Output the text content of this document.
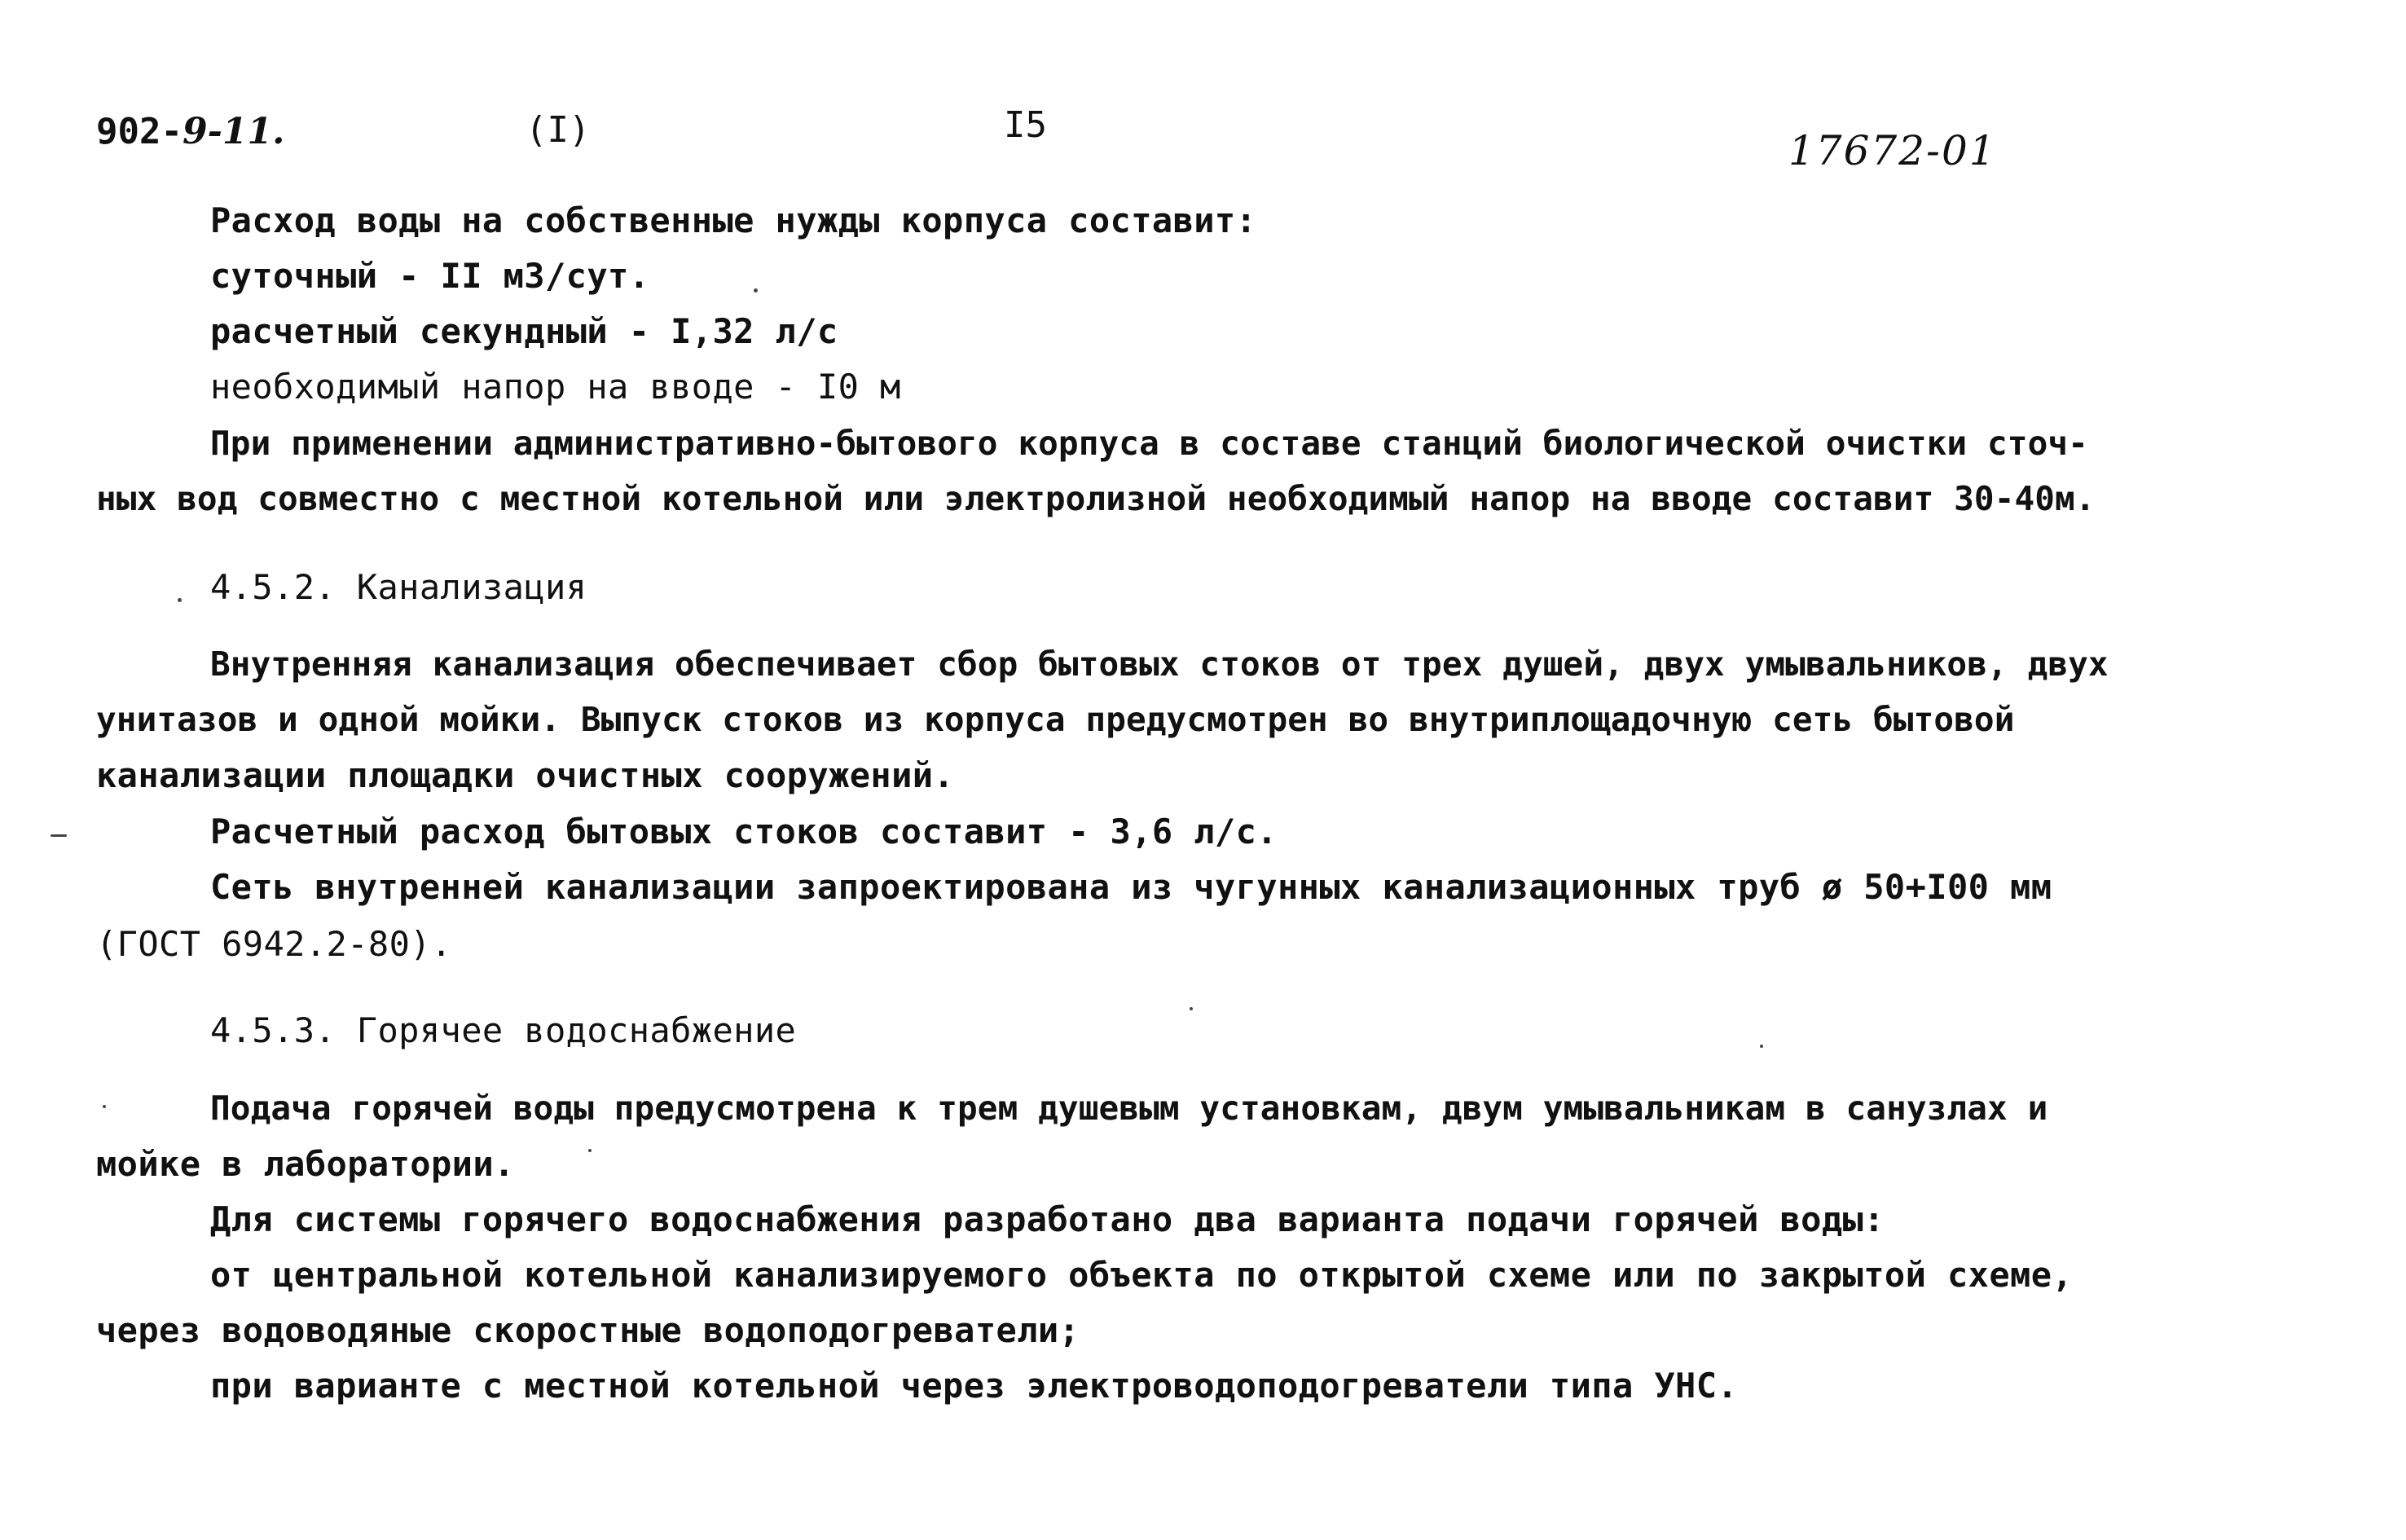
902-9-11.	(I)	I5
17672-01
Расход воды на собственные нужды корпуса составит:
суточный - II м3/сут.
расчетный секундный - I,32 л/с
необходимый напор на вводе - I0 м
При применении административно-бытового корпуса в составе станций биологической очистки сточ-
ных вод совместно с местной котельной или электролизной необходимый напор на вводе составит 30-40м.
4.5.2. Канализация
Внутренняя канализация обеспечивает сбор бытовых стоков от трех душей, двух умывальников, двух
унитазов и одной мойки. Выпуск стоков из корпуса предусмотрен во внутриплощадочную сеть бытовой
канализации площадки очистных сооружений.
Расчетный расход бытовых стоков составит - 3,6 л/с.
Сеть внутренней канализации запроектирована из чугунных канализационных труб ø 50+I00 мм
(ГОСТ 6942.2-80).
4.5.3. Горячее водоснабжение
Подача горячей воды предусмотрена к трем душевым установкам, двум умывальникам в санузлах и
мойке в лаборатории.
Для системы горячего водоснабжения разработано два варианта подачи горячей воды:
от центральной котельной канализируемого объекта по открытой схеме или по закрытой схеме,
через водоводяные скоростные водоподогреватели;
при варианте с местной котельной через электроводоподогреватели типа УНС.
